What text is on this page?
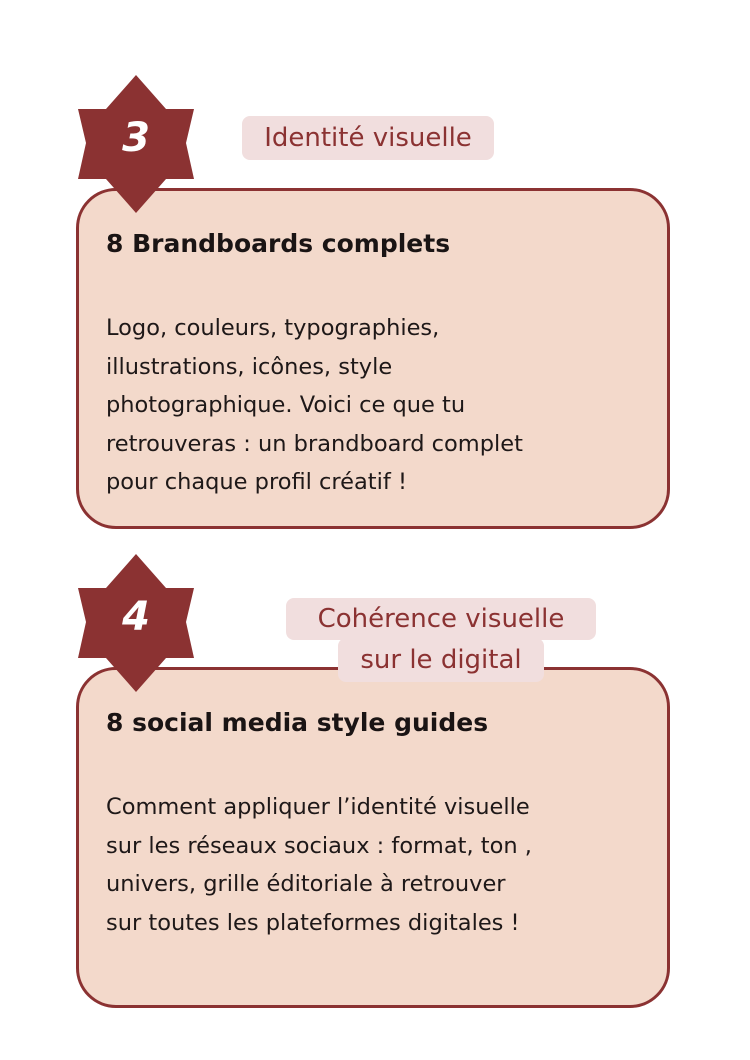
8 Brandboards complets
Logo, couleurs, typographies,
illustrations, icônes, style
photographique. Voici ce que tu
retrouveras : un brandboard complet
pour chaque profil créatif !
3	Identité visuelle
8 social media style guides
Comment appliquer l’identité visuelle
sur les réseaux sociaux : format, ton ,
univers, grille éditoriale à retrouver
sur toutes les plateformes digitales !
4	Cohérence visuelle
sur le digital
